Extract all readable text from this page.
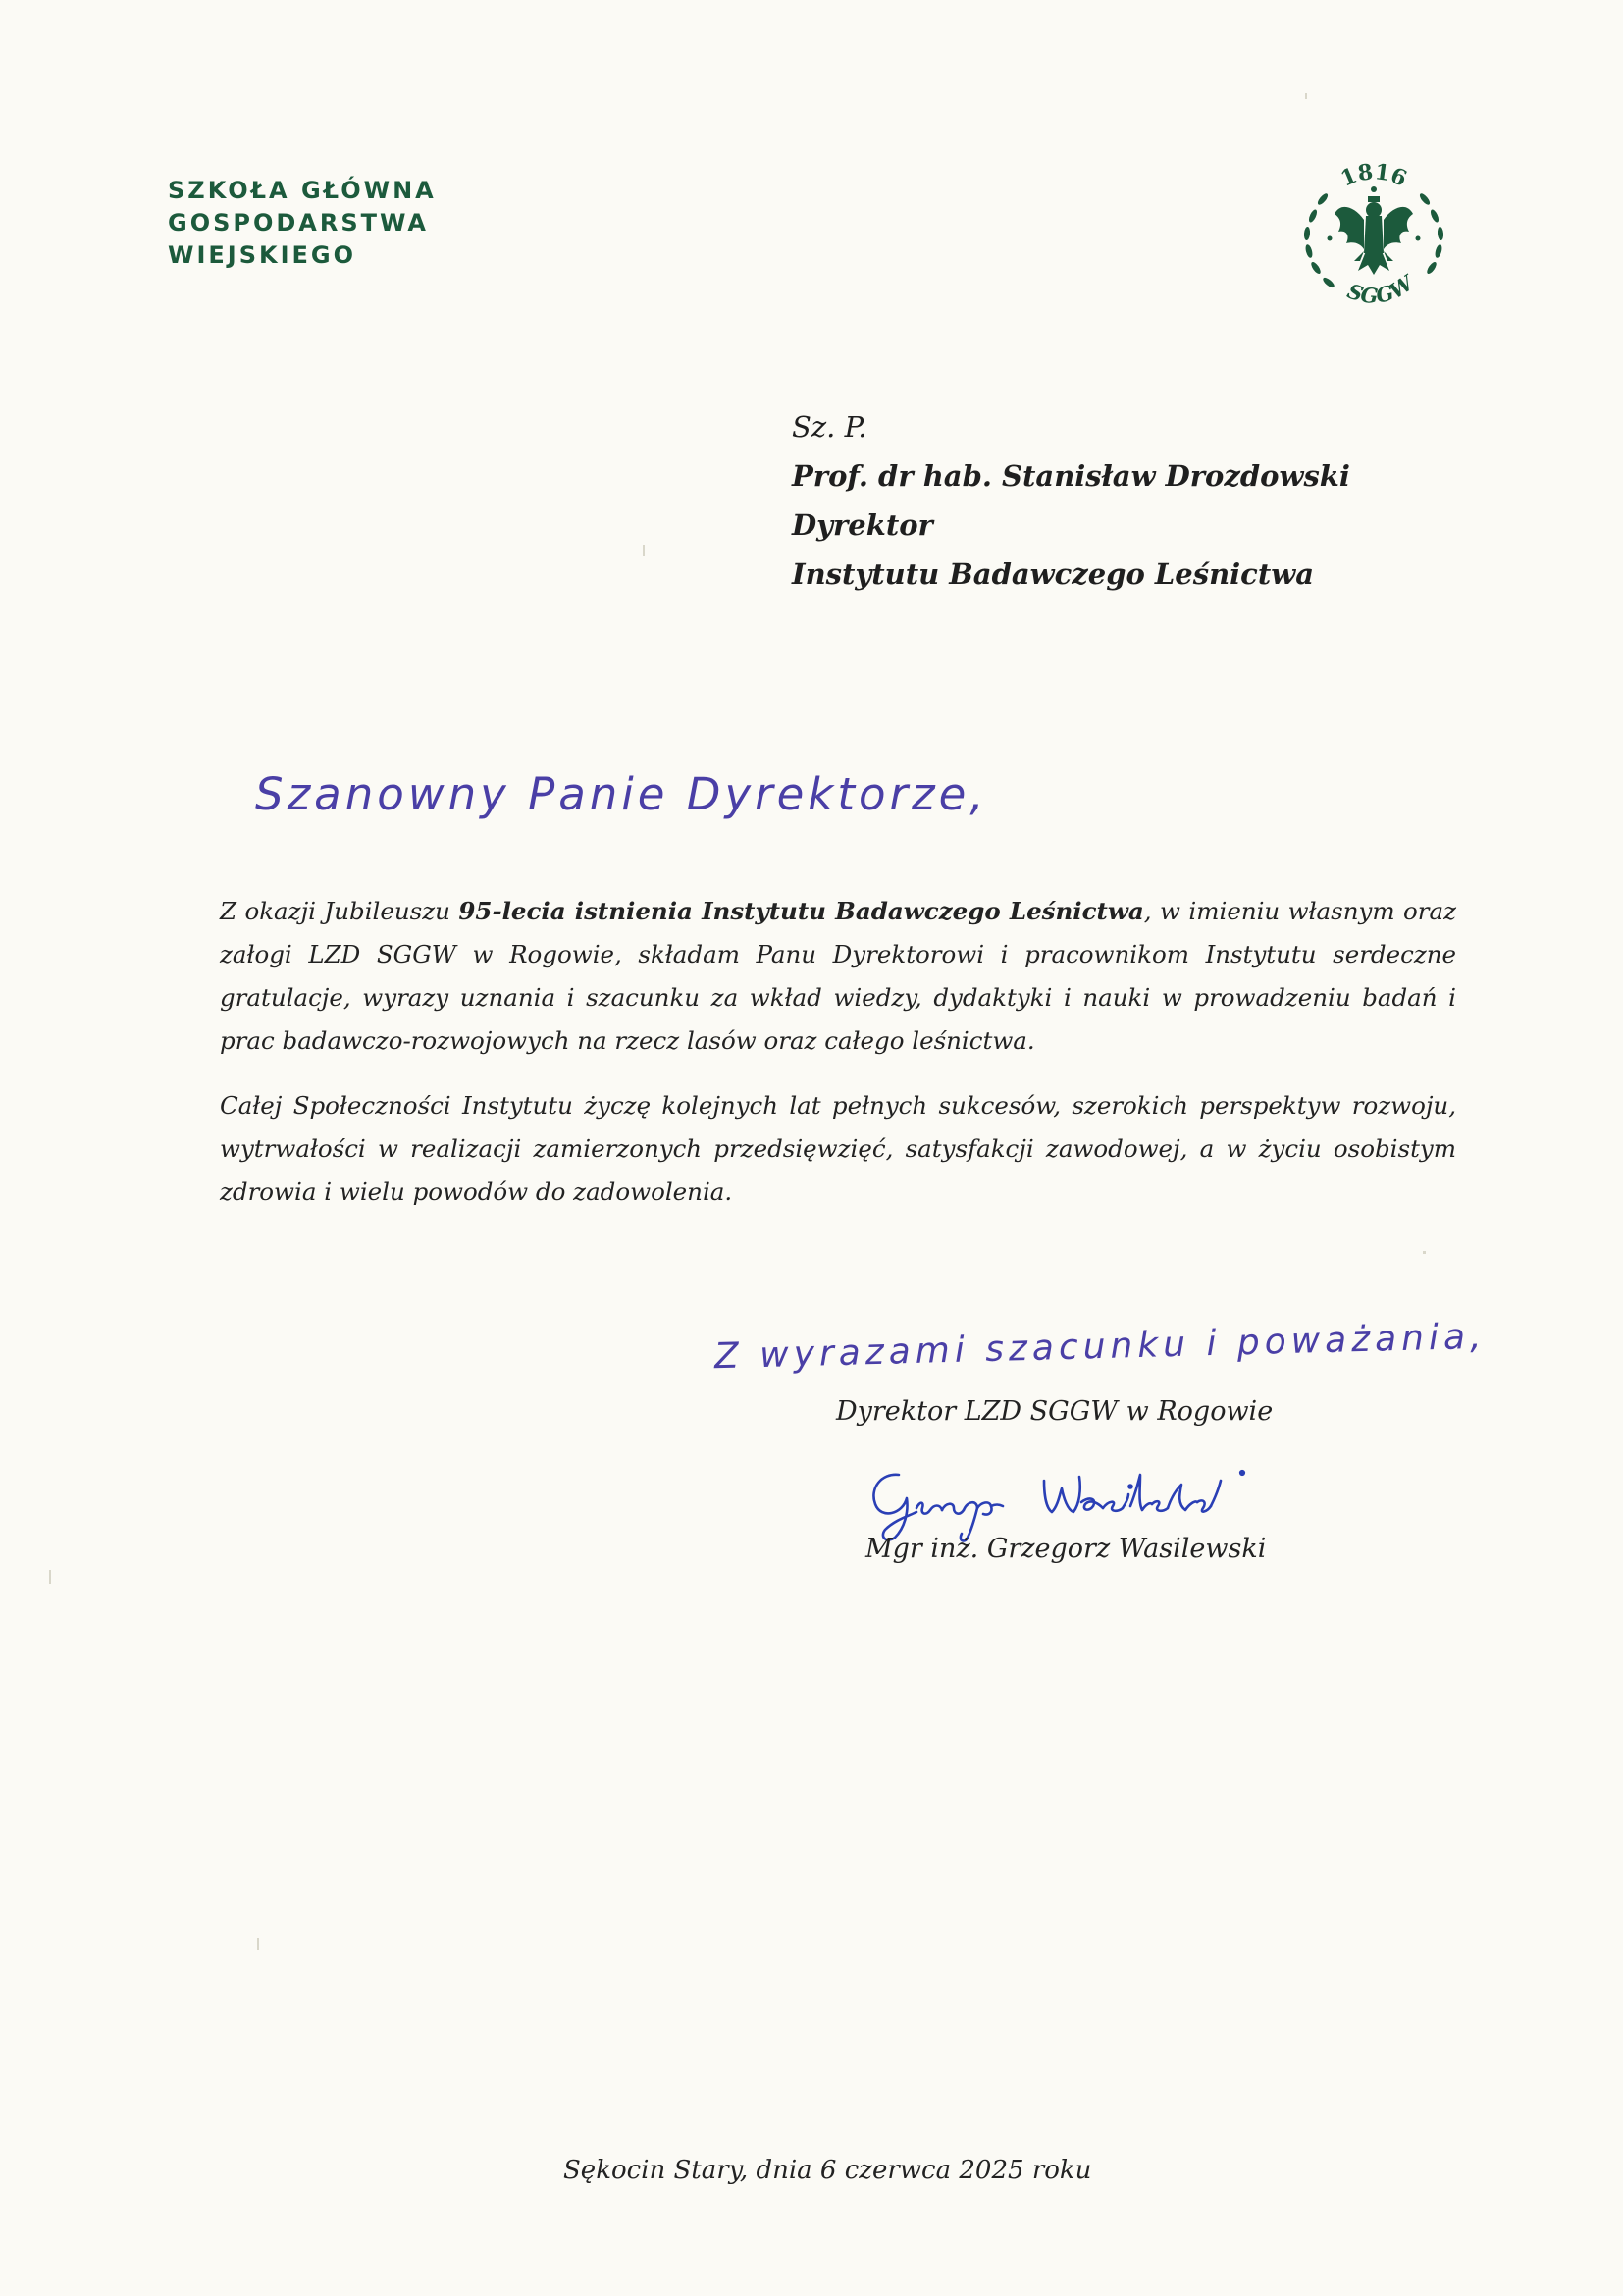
SZKOŁA GŁÓWNA
GOSPODARSTWA
WIEJSKIEGO
1816
SGGW
Sz. P.
Prof. dr hab. Stanisław Drozdowski
Dyrektor
Instytutu Badawczego Leśnictwa
Szanowny Panie Dyrektorze,

Z okazji Jubileuszu 95-lecia istnienia Instytutu Badawczego Leśnictwa, w imieniu własnym oraz załogi LZD SGGW w Rogowie, składam Panu Dyrektorowi i pracownikom Instytutu serdeczne gratulacje, wyrazy uznania i szacunku za wkład wiedzy, dydaktyki i nauki w prowadzeniu badań i prac badawczo-rozwojowych na rzecz lasów oraz całego leśnictwa.

Całej Społeczności Instytutu życzę kolejnych lat pełnych sukcesów, szerokich perspektyw rozwoju, wytrwałości w realizacji zamierzonych przedsięwzięć, satysfakcji zawodowej, a w życiu osobistym zdrowia i wielu powodów do zadowolenia.

Z wyrazami szacunku i poważania,
Dyrektor LZD SGGW w Rogowie
Mgr inż. Grzegorz Wasilewski
Sękocin Stary, dnia 6 czerwca 2025 roku
